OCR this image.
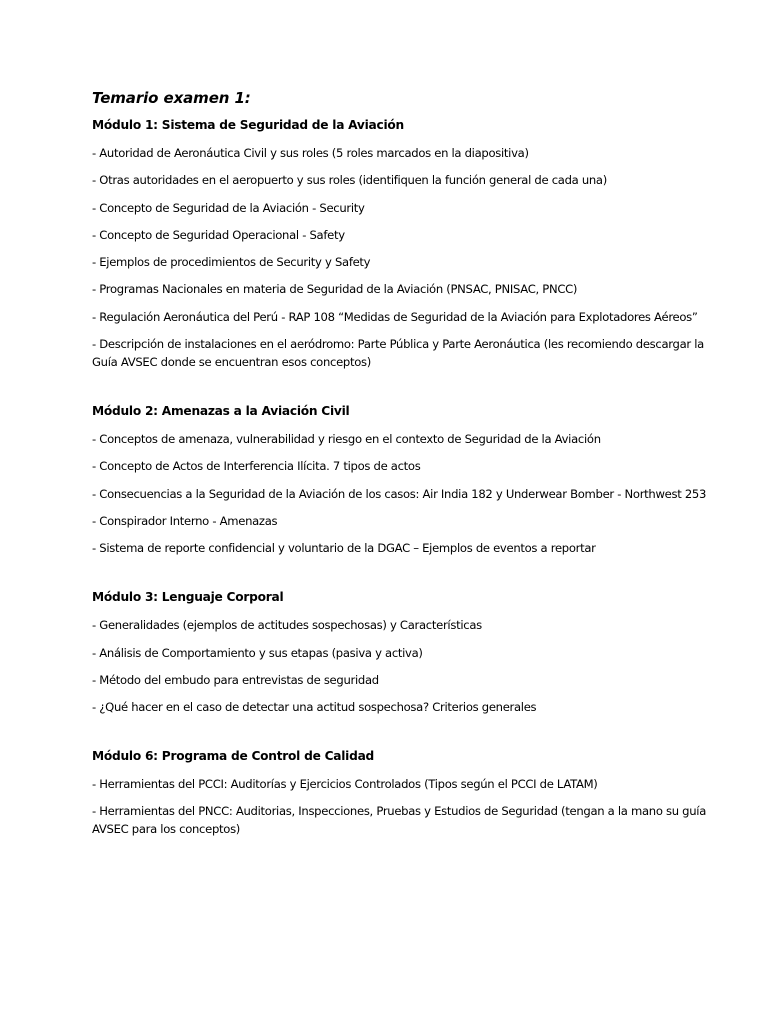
Temario examen 1:
Módulo 1: Sistema de Seguridad de la Aviación
- Autoridad de Aeronáutica Civil y sus roles (5 roles marcados en la diapositiva)
- Otras autoridades en el aeropuerto y sus roles (identifiquen la función general de cada una)
- Concepto de Seguridad de la Aviación - Security
- Concepto de Seguridad Operacional - Safety
- Ejemplos de procedimientos de Security y Safety
- Programas Nacionales en materia de Seguridad de la Aviación (PNSAC, PNISAC, PNCC)
- Regulación Aeronáutica del Perú - RAP 108 “Medidas de Seguridad de la Aviación para Explotadores Aéreos”
- Descripción de instalaciones en el aeródromo: Parte Pública y Parte Aeronáutica (les recomiendo descargar la Guía AVSEC donde se encuentran esos conceptos)
Módulo 2: Amenazas a la Aviación Civil
- Conceptos de amenaza, vulnerabilidad y riesgo en el contexto de Seguridad de la Aviación
- Concepto de Actos de Interferencia Ilícita. 7 tipos de actos
- Consecuencias a la Seguridad de la Aviación de los casos: Air India 182 y Underwear Bomber - Northwest 253
- Conspirador Interno - Amenazas
- Sistema de reporte confidencial y voluntario de la DGAC – Ejemplos de eventos a reportar
Módulo 3: Lenguaje Corporal
- Generalidades (ejemplos de actitudes sospechosas) y Características
- Análisis de Comportamiento y sus etapas (pasiva y activa)
- Método del embudo para entrevistas de seguridad
- ¿Qué hacer en el caso de detectar una actitud sospechosa? Criterios generales
Módulo 6: Programa de Control de Calidad
- Herramientas del PCCI: Auditorías y Ejercicios Controlados (Tipos según el PCCI de LATAM)
- Herramientas del PNCC: Auditorias, Inspecciones, Pruebas y Estudios de Seguridad (tengan a la mano su guía AVSEC para los conceptos)
